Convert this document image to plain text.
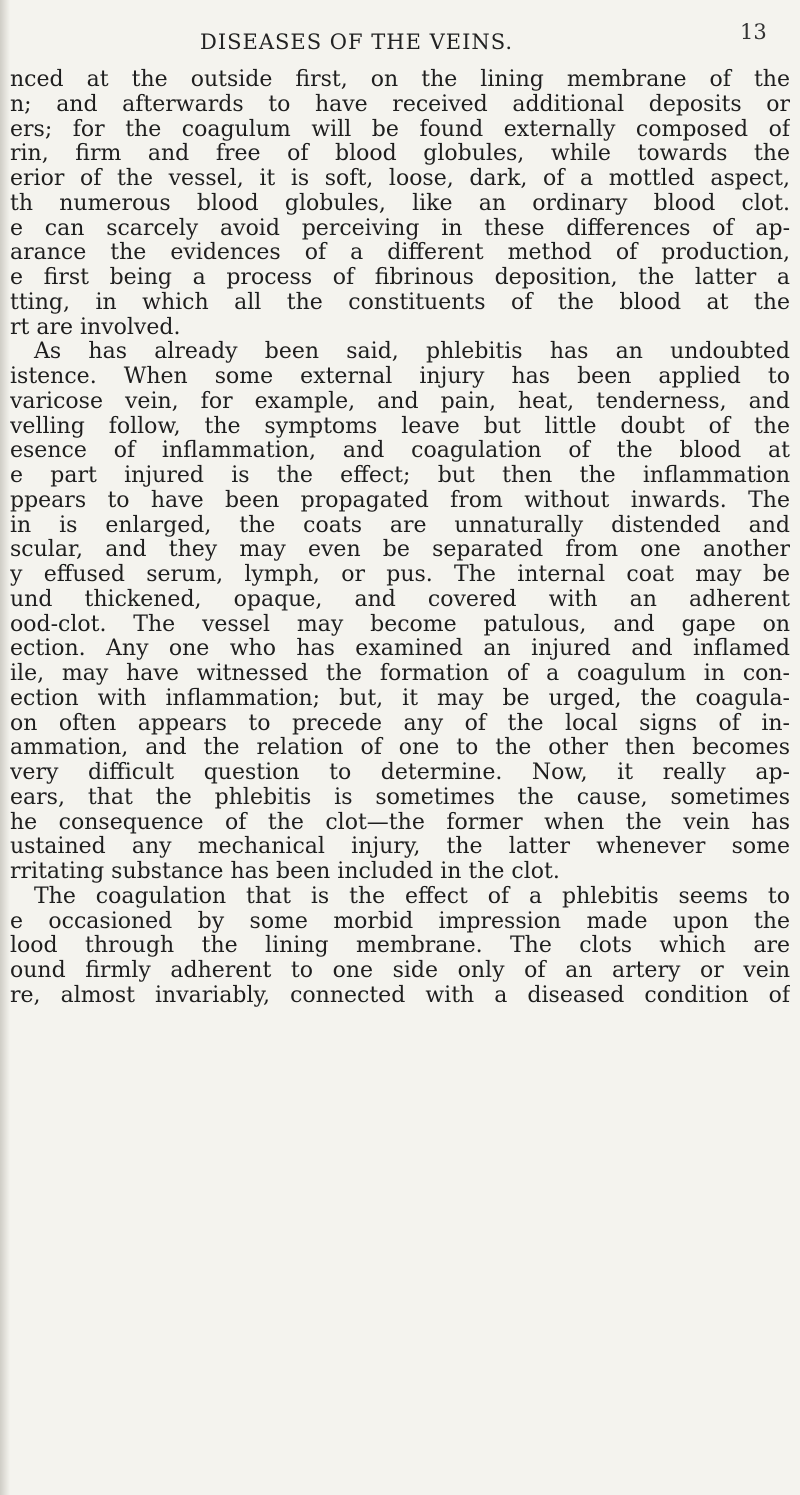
DISEASES OF THE VEINS.	13
nced at the outside first, on the lining membrane of the
n; and afterwards to have received additional deposits or
ers; for the coagulum will be found externally composed of
rin, firm and free of blood globules, while towards the
erior of the vessel, it is soft, loose, dark, of a mottled aspect,
th numerous blood globules, like an ordinary blood clot.
e can scarcely avoid perceiving in these differences of ap-
arance the evidences of a different method of production,
e first being a process of fibrinous deposition, the latter a
tting, in which all the constituents of the blood at the
rt are involved.
As has already been said, phlebitis has an undoubted
istence. When some external injury has been applied to
varicose vein, for example, and pain, heat, tenderness, and
velling follow, the symptoms leave but little doubt of the
esence of inflammation, and coagulation of the blood at
e part injured is the effect; but then the inflammation
ppears to have been propagated from without inwards. The
in is enlarged, the coats are unnaturally distended and
scular, and they may even be separated from one another
y effused serum, lymph, or pus. The internal coat may be
und thickened, opaque, and covered with an adherent
ood-clot. The vessel may become patulous, and gape on
ection. Any one who has examined an injured and inflamed
ile, may have witnessed the formation of a coagulum in con-
ection with inflammation; but, it may be urged, the coagula-
on often appears to precede any of the local signs of in-
ammation, and the relation of one to the other then becomes
very difficult question to determine. Now, it really ap-
ears, that the phlebitis is sometimes the cause, sometimes
he consequence of the clot—the former when the vein has
ustained any mechanical injury, the latter whenever some
rritating substance has been included in the clot.
The coagulation that is the effect of a phlebitis seems to
e occasioned by some morbid impression made upon the
lood through the lining membrane. The clots which are
ound firmly adherent to one side only of an artery or vein
re, almost invariably, connected with a diseased condition of
